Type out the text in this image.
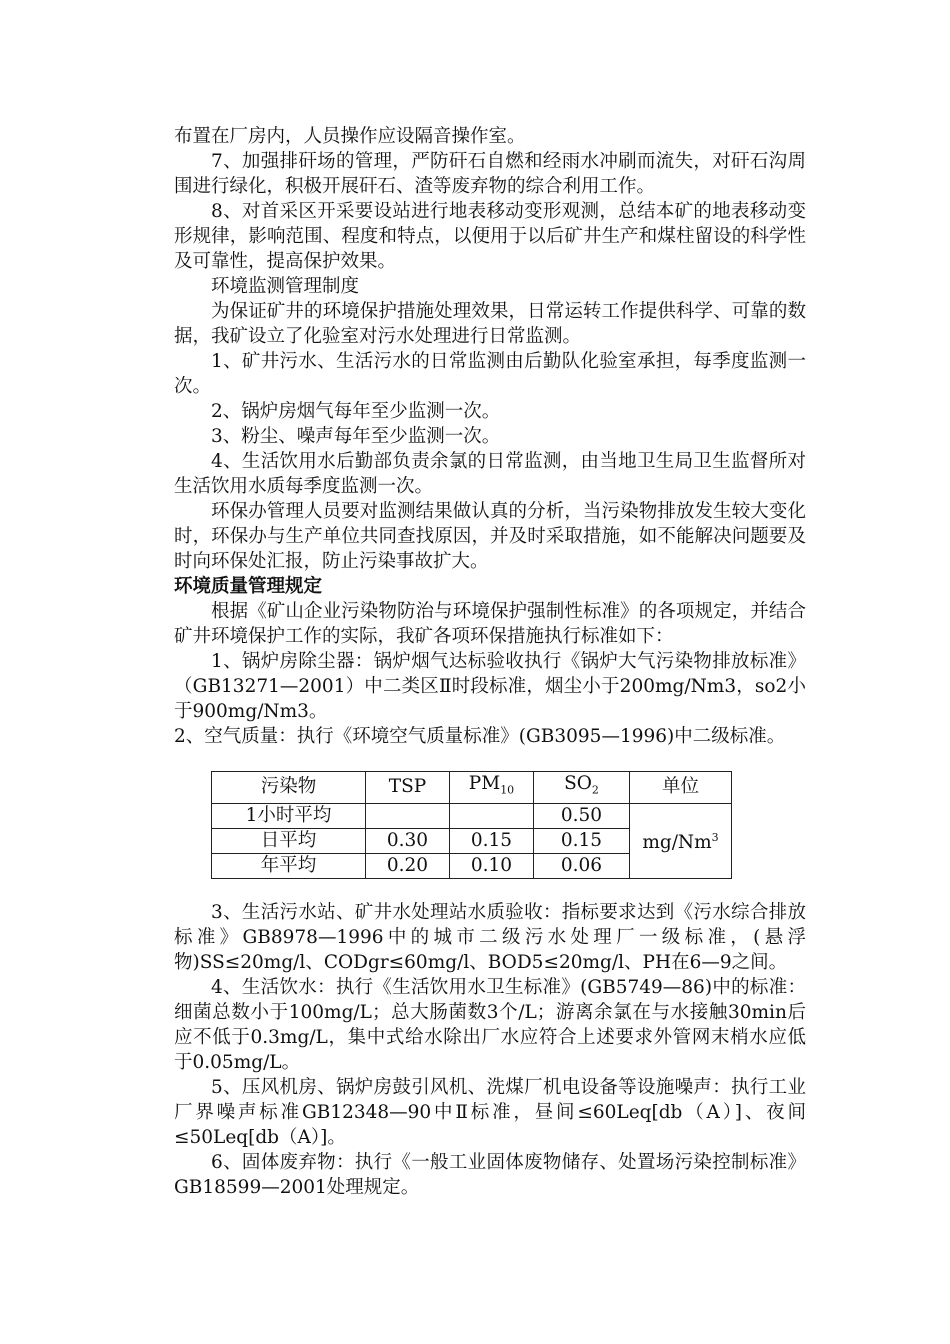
布置在厂房内，人员操作应设隔音操作室。

7、加强排矸场的管理，严防矸石自燃和经雨水冲刷而流失，对矸石沟周围进行绿化，积极开展矸石、渣等废弃物的综合利用工作。

8、对首采区开采要设站进行地表移动变形观测，总结本矿的地表移动变形规律，影响范围、程度和特点，以便用于以后矿井生产和煤柱留设的科学性及可靠性，提高保护效果。

环境监测管理制度

为保证矿井的环境保护措施处理效果，日常运转工作提供科学、可靠的数据，我矿设立了化验室对污水处理进行日常监测。

1、矿井污水、生活污水的日常监测由后勤队化验室承担，每季度监测一次。

2、锅炉房烟气每年至少监测一次。

3、粉尘、噪声每年至少监测一次。

4、生活饮用水后勤部负责余氯的日常监测，由当地卫生局卫生监督所对生活饮用水质每季度监测一次。

环保办管理人员要对监测结果做认真的分析，当污染物排放发生较大变化时，环保办与生产单位共同查找原因，并及时采取措施，如不能解决问题要及时向环保处汇报，防止污染事故扩大。

环境质量管理规定

根据《矿山企业污染物防治与环境保护强制性标准》的各项规定，并结合矿井环境保护工作的实际，我矿各项环保措施执行标准如下：

1、锅炉房除尘器：锅炉烟气达标验收执行《锅炉大气污染物排放标准》（GB13271—2001）中二类区Ⅱ时段标准，烟尘小于200mg/Nm3，so2小于900mg/Nm3。

2、空气质量：执行《环境空气质量标准》(GB3095—1996)中二级标准。

污染物	TSP	$PM_{10}$	$SO_2$	单位
1小时平均			0.50	mg/Nm$^3$
日平均	0.30	0.15	0.15	
年平均	0.20	0.10	0.06	

3、生活污水站、矿井水处理站水质验收：指标要求达到《污水综合排放标准》GB8978—1996中的城市二级污水处理厂一级标准，(悬浮物)SS≤20mg/l、CODgr≤60mg/l、BOD5≤20mg/l、PH在6—9之间。

4、生活饮水：执行《生活饮用水卫生标准》(GB5749—86)中的标准：细菌总数小于100mg/L；总大肠菌数3个/L；游离余氯在与水接触30min后应不低于0.3mg/L，集中式给水除出厂水应符合上述要求外管网末梢水应低于0.05mg/L。

5、压风机房、锅炉房鼓引风机、洗煤厂机电设备等设施噪声：执行工业厂界噪声标准GB12348—90中Ⅱ标准，昼间≤60Leq[db（A）]、夜间≤50Leq[db（A）]。

6、固体废弃物：执行《一般工业固体废物储存、处置场污染控制标准》GB18599—2001处理规定。
